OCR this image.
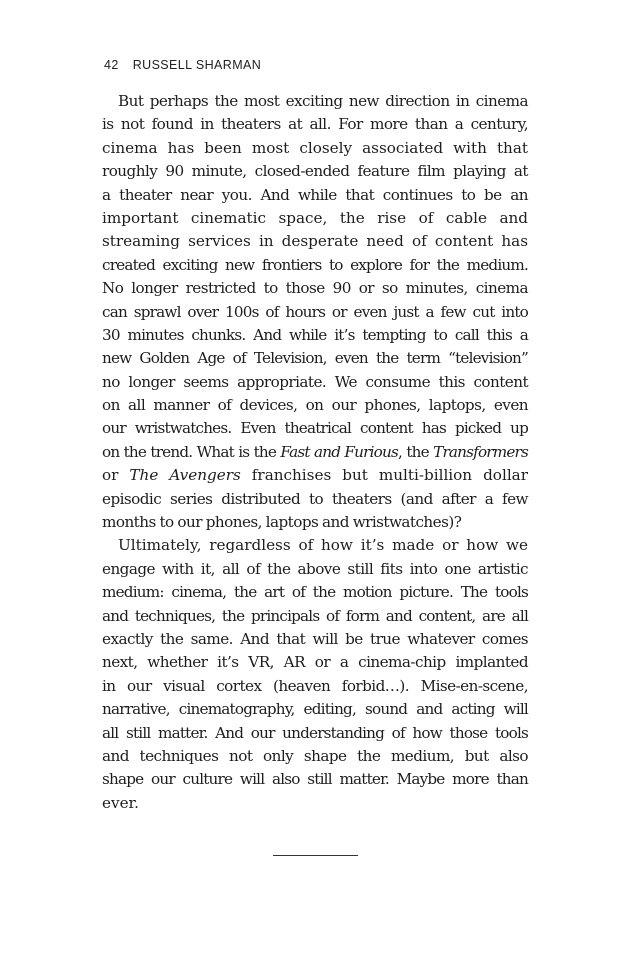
42 RUSSELL SHARMAN
But perhaps the most exciting new direction in cinema
is not found in theaters at all. For more than a century,
cinema has been most closely associated with that
roughly 90 minute, closed-ended feature film playing at
a theater near you. And while that continues to be an
important cinematic space, the rise of cable and
streaming services in desperate need of content has
created exciting new frontiers to explore for the medium.
No longer restricted to those 90 or so minutes, cinema
can sprawl over 100s of hours or even just a few cut into
30 minutes chunks. And while it’s tempting to call this a
new Golden Age of Television, even the term “television”
no longer seems appropriate. We consume this content
on all manner of devices, on our phones, laptops, even
our wristwatches. Even theatrical content has picked up
on the trend. What is the Fast and Furious, the Transformers
or The Avengers franchises but multi-billion dollar
episodic series distributed to theaters (and after a few
months to our phones, laptops and wristwatches)?
Ultimately, regardless of how it’s made or how we
engage with it, all of the above still fits into one artistic
medium: cinema, the art of the motion picture. The tools
and techniques, the principals of form and content, are all
exactly the same. And that will be true whatever comes
next, whether it’s VR, AR or a cinema-chip implanted
in our visual cortex (heaven forbid…). Mise-en-scene,
narrative, cinematography, editing, sound and acting will
all still matter. And our understanding of how those tools
and techniques not only shape the medium, but also
shape our culture will also still matter. Maybe more than
ever.
